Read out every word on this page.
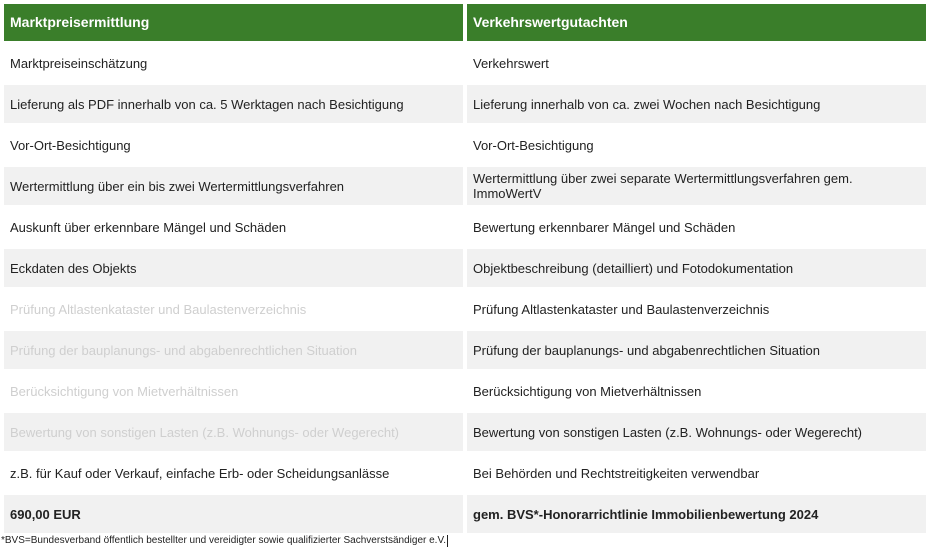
Marktpreisermittlung	Verkehrswertgutachten
Marktpreiseinschätzung	Verkehrswert
Lieferung als PDF innerhalb von ca. 5 Werktagen nach Besichtigung	Lieferung innerhalb von ca. zwei Wochen nach Besichtigung
Vor-Ort-Besichtigung	Vor-Ort-Besichtigung
Wertermittlung über ein bis zwei Wertermittlungsverfahren	Wertermittlung über zwei separate Wertermittlungsverfahren gem. ImmoWertV
Auskunft über erkennbare Mängel und Schäden	Bewertung erkennbarer Mängel und Schäden
Eckdaten des Objekts	Objektbeschreibung (detailliert) und Fotodokumentation
Prüfung Altlastenkataster und Baulastenverzeichnis	Prüfung Altlastenkataster und Baulastenverzeichnis
Prüfung der bauplanungs- und abgabenrechtlichen Situation	Prüfung der bauplanungs- und abgabenrechtlichen Situation
Berücksichtigung von Mietverhältnissen	Berücksichtigung von Mietverhältnissen
Bewertung von sonstigen Lasten (z.B. Wohnungs- oder Wegerecht)	Bewertung von sonstigen Lasten (z.B. Wohnungs- oder Wegerecht)
z.B. für Kauf oder Verkauf, einfache Erb- oder Scheidungsanlässe	Bei Behörden und Rechtstreitigkeiten verwendbar
690,00 EUR	gem. BVS*-Honorarrichtlinie Immobilienbewertung 2024
*BVS=Bundesverband öffentlich bestellter und vereidigter sowie qualifizierter Sachverstsändiger e.V.
